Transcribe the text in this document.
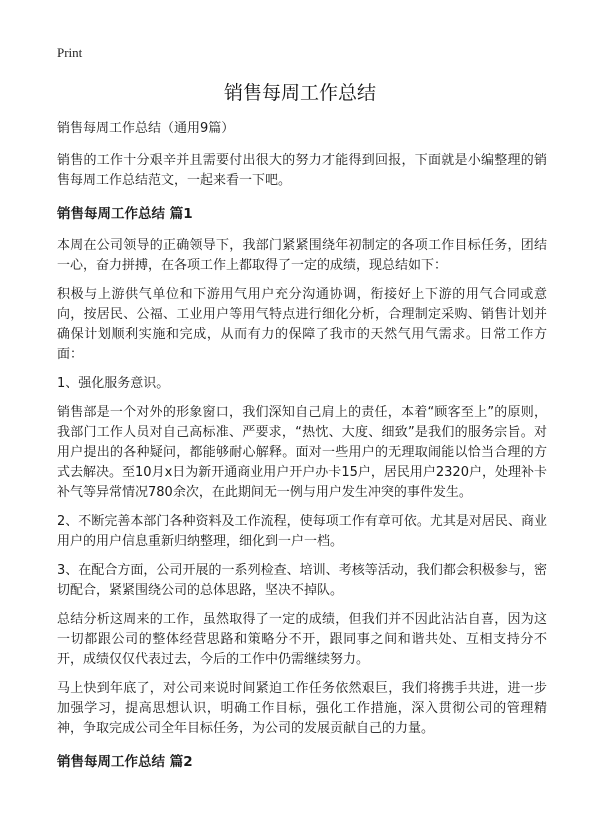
Print
销售每周工作总结

销售每周工作总结（通用9篇）

销售的工作十分艰辛并且需要付出很大的努力才能得到回报，下面就是小编整理的销售每周工作总结范文，一起来看一下吧。

销售每周工作总结 篇1

本周在公司领导的正确领导下，我部门紧紧围绕年初制定的各项工作目标任务，团结一心，奋力拼搏，在各项工作上都取得了一定的成绩，现总结如下：

积极与上游供气单位和下游用气用户充分沟通协调，衔接好上下游的用气合同或意向，按居民、公福、工业用户等用气特点进行细化分析，合理制定采购、销售计划并确保计划顺利实施和完成，从而有力的保障了我市的天然气用气需求。日常工作方面：

1、强化服务意识。

销售部是一个对外的形象窗口，我们深知自己肩上的责任，本着“顾客至上”的原则，我部门工作人员对自己高标准、严要求，“热忱、大度、细致”是我们的服务宗旨。对用户提出的各种疑问，都能够耐心解释。面对一些用户的无理取闹能以恰当合理的方式去解决。至10月x日为新开通商业用户开户办卡15户，居民用户2320户，处理补卡补气等异常情况780余次，在此期间无一例与用户发生冲突的事件发生。

2、不断完善本部门各种资料及工作流程，使每项工作有章可依。尤其是对居民、商业用户的用户信息重新归纳整理，细化到一户一档。

3、在配合方面，公司开展的一系列检查、培训、考核等活动，我们都会积极参与，密切配合，紧紧围绕公司的总体思路，坚决不掉队。

总结分析这周来的工作，虽然取得了一定的成绩，但我们并不因此沾沾自喜，因为这一切都跟公司的整体经营思路和策略分不开，跟同事之间和谐共处、互相支持分不开，成绩仅仅代表过去，今后的工作中仍需继续努力。

马上快到年底了，对公司来说时间紧迫工作任务依然艰巨，我们将携手共进，进一步加强学习，提高思想认识，明确工作目标，强化工作措施，深入贯彻公司的管理精神，争取完成公司全年目标任务，为公司的发展贡献自己的力量。

销售每周工作总结 篇2
